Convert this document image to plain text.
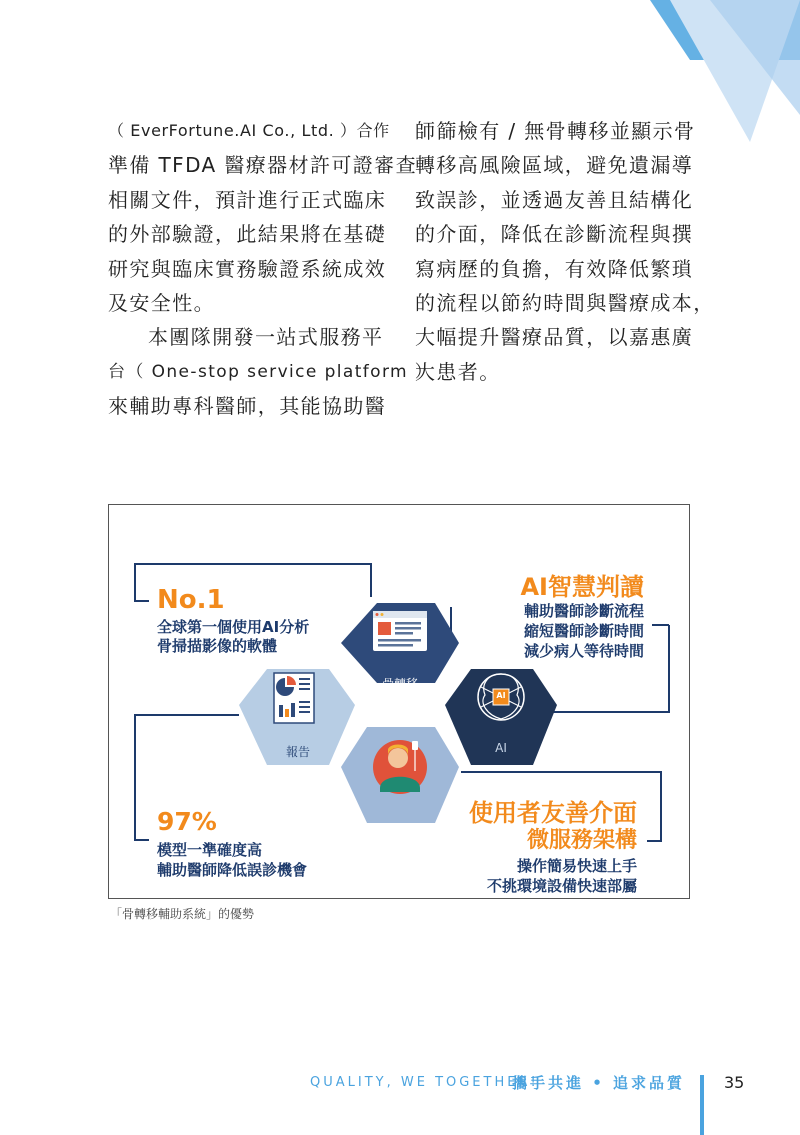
（ EverFortune.AI Co., Ltd. ）合作
準備 TFDA 醫療器材許可證審查
相關文件，預計進行正式臨床
的外部驗證，此結果將在基礎
研究與臨床實務驗證系統成效
及安全性。
本團隊開發一站式服務平
台（ One-stop service platform ）
來輔助專科醫師，其能協助醫
師篩檢有 / 無骨轉移並顯示骨
轉移高風險區域，避免遺漏導
致誤診，並透過友善且結構化
的介面，降低在診斷流程與撰
寫病歷的負擔，有效降低繁瑣
的流程以節約時間與醫療成本，
大幅提升醫療品質，以嘉惠廣
大患者。
No.1
全球第一個使用AI分析
骨掃描影像的軟體
AI智慧判讀
輔助醫師診斷流程
縮短醫師診斷時間
減少病人等待時間
97%
模型一準確度高
輔助醫師降低誤診機會
使用者友善介面
微服務架構
操作簡易快速上手
不挑環境設備快速部屬
骨轉移
輔助系統
報告	AI
AI
「骨轉移輔助系統」的優勢
QUALITY, WE TOGETHER!
攜手共進 • 追求品質 35
